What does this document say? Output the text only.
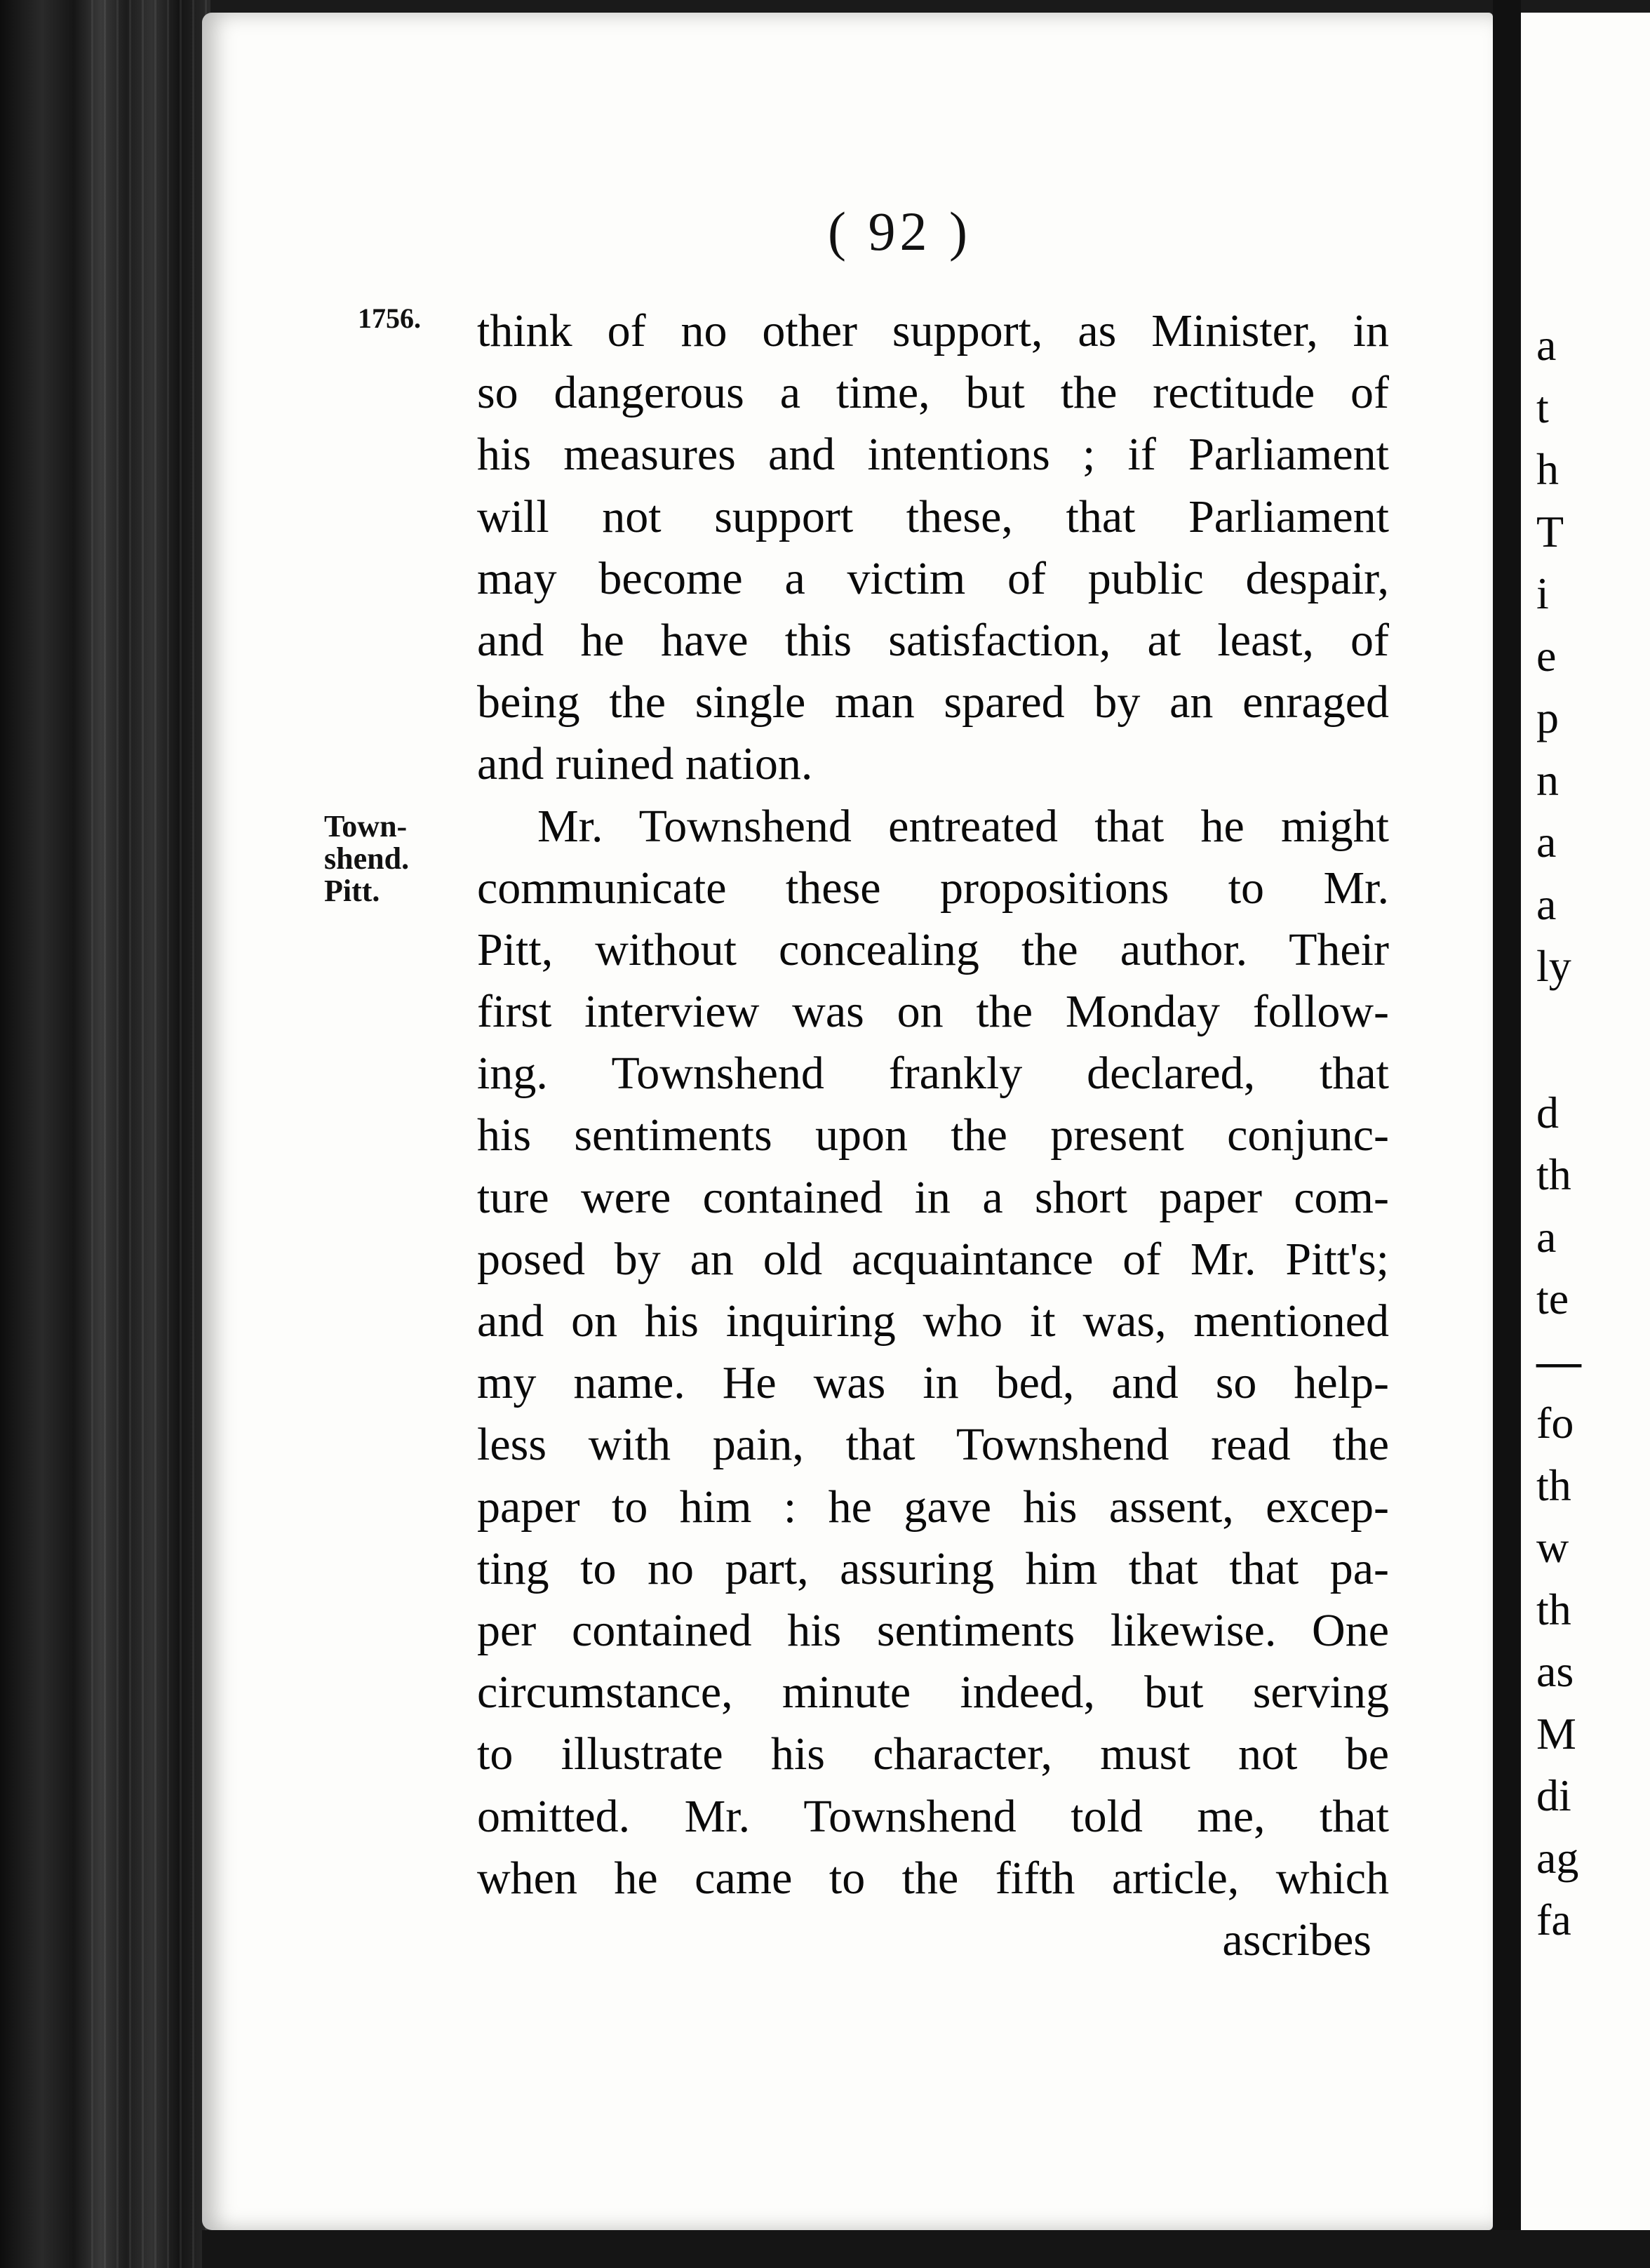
a
t
h
T
i
e
p
n
a
a
ly
d
th
a
te
—
fo
th
w
th
as
M
di
ag
fa
( 92 )
1756.
Town-
shend.
Pitt.
think of no other support, as Minister, in
so dangerous a time, but the rectitude of
his measures and intentions ; if Parliament
will not support these, that Parliament
may become a victim of public despair,
and he have this satisfaction, at least, of
being the single man spared by an enraged
and ruined nation.
Mr. Townshend entreated that he might
communicate these propositions to Mr.
Pitt, without concealing the author. Their
first interview was on the Monday follow-
ing. Townshend frankly declared, that
his sentiments upon the present conjunc-
ture were contained in a short paper com-
posed by an old acquaintance of Mr. Pitt's;
and on his inquiring who it was, mentioned
my name. He was in bed, and so help-
less with pain, that Townshend read the
paper to him : he gave his assent, excep-
ting to no part, assuring him that that pa-
per contained his sentiments likewise. One
circumstance, minute indeed, but serving
to illustrate his character, must not be
omitted. Mr. Townshend told me, that
when he came to the fifth article, which
ascribes
